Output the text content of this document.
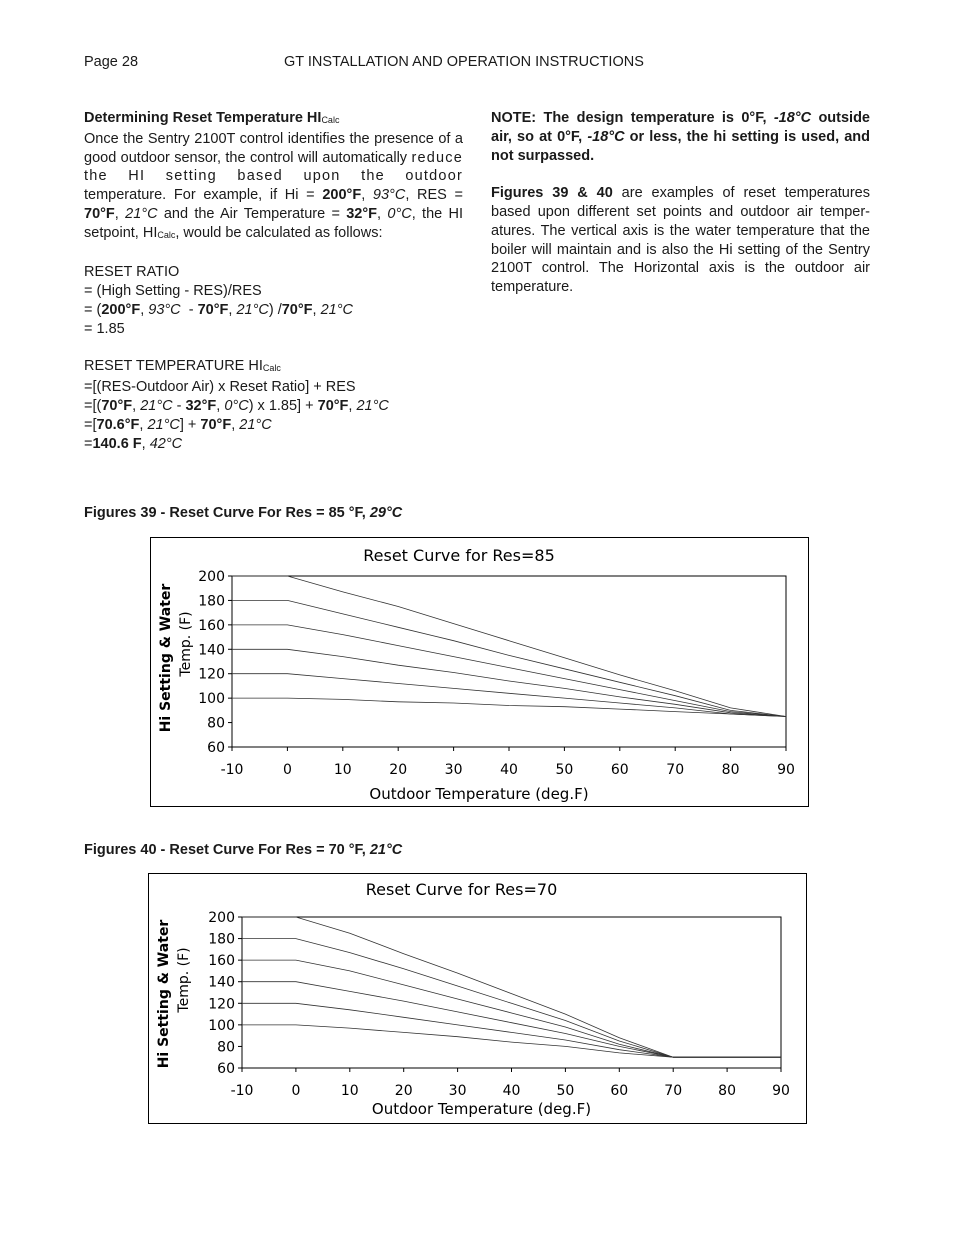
Page 28	GT INSTALLATION AND OPERATION INSTRUCTIONS

Determining Reset Temperature $HI_{Calc}$

Once the Sentry 2100T control identifies the presence of a good outdoor sensor, the control will automatically reduce the HI setting based upon the outdoor temperature. For example, if Hi = 200°F, 93°C, RES = 70°F, 21°C and the Air Temperature = 32°F, 0°C, the HI setpoint, $HI_{Calc}$, would be calculated as follows:

RESET RATIO

= (High Setting - RES)/RES

= (200°F, 93°C  - 70°F, 21°C) /70°F, 21°C

= 1.85

RESET TEMPERATURE $HI_{Calc}$

=[(RES-Outdoor Air) x Reset Ratio] + RES

=[(70°F, 21°C - 32°F, 0°C) x 1.85] + 70°F, 21°C

=[70.6°F, 21°C] + 70°F, 21°C

=140.6 F, 42°C

NOTE: The design temperature is 0°F, -18°C outside air, so at 0°F, -18°C or less, the hi setting is used, and not surpassed.

Figures 39 & 40 are examples of reset temperatures based upon different set points and outdoor air temper-atures. The vertical axis is the water temperature that the boiler will maintain and is also the Hi setting of the Sentry 2100T control. The Horizontal axis is the outdoor air temperature.

Figures 39 - Reset Curve For Res = 85 °F, 29°C
Reset Curve for Res=85
60
80
100
120
140
160
180
200
-10	0	10	20	30	40	50	60	70	80	90
Outdoor Temperature (deg.F)
Hi Setting & Water Temp. (F)
Figures 40 - Reset Curve For Res = 70 °F, 21°C
Reset Curve for Res=70
60
80
100
120
140
160
180
200
-10	0	10	20	30	40	50	60	70	80	90
Outdoor Temperature (deg.F)
Hi Setting & Water Temp. (F)
